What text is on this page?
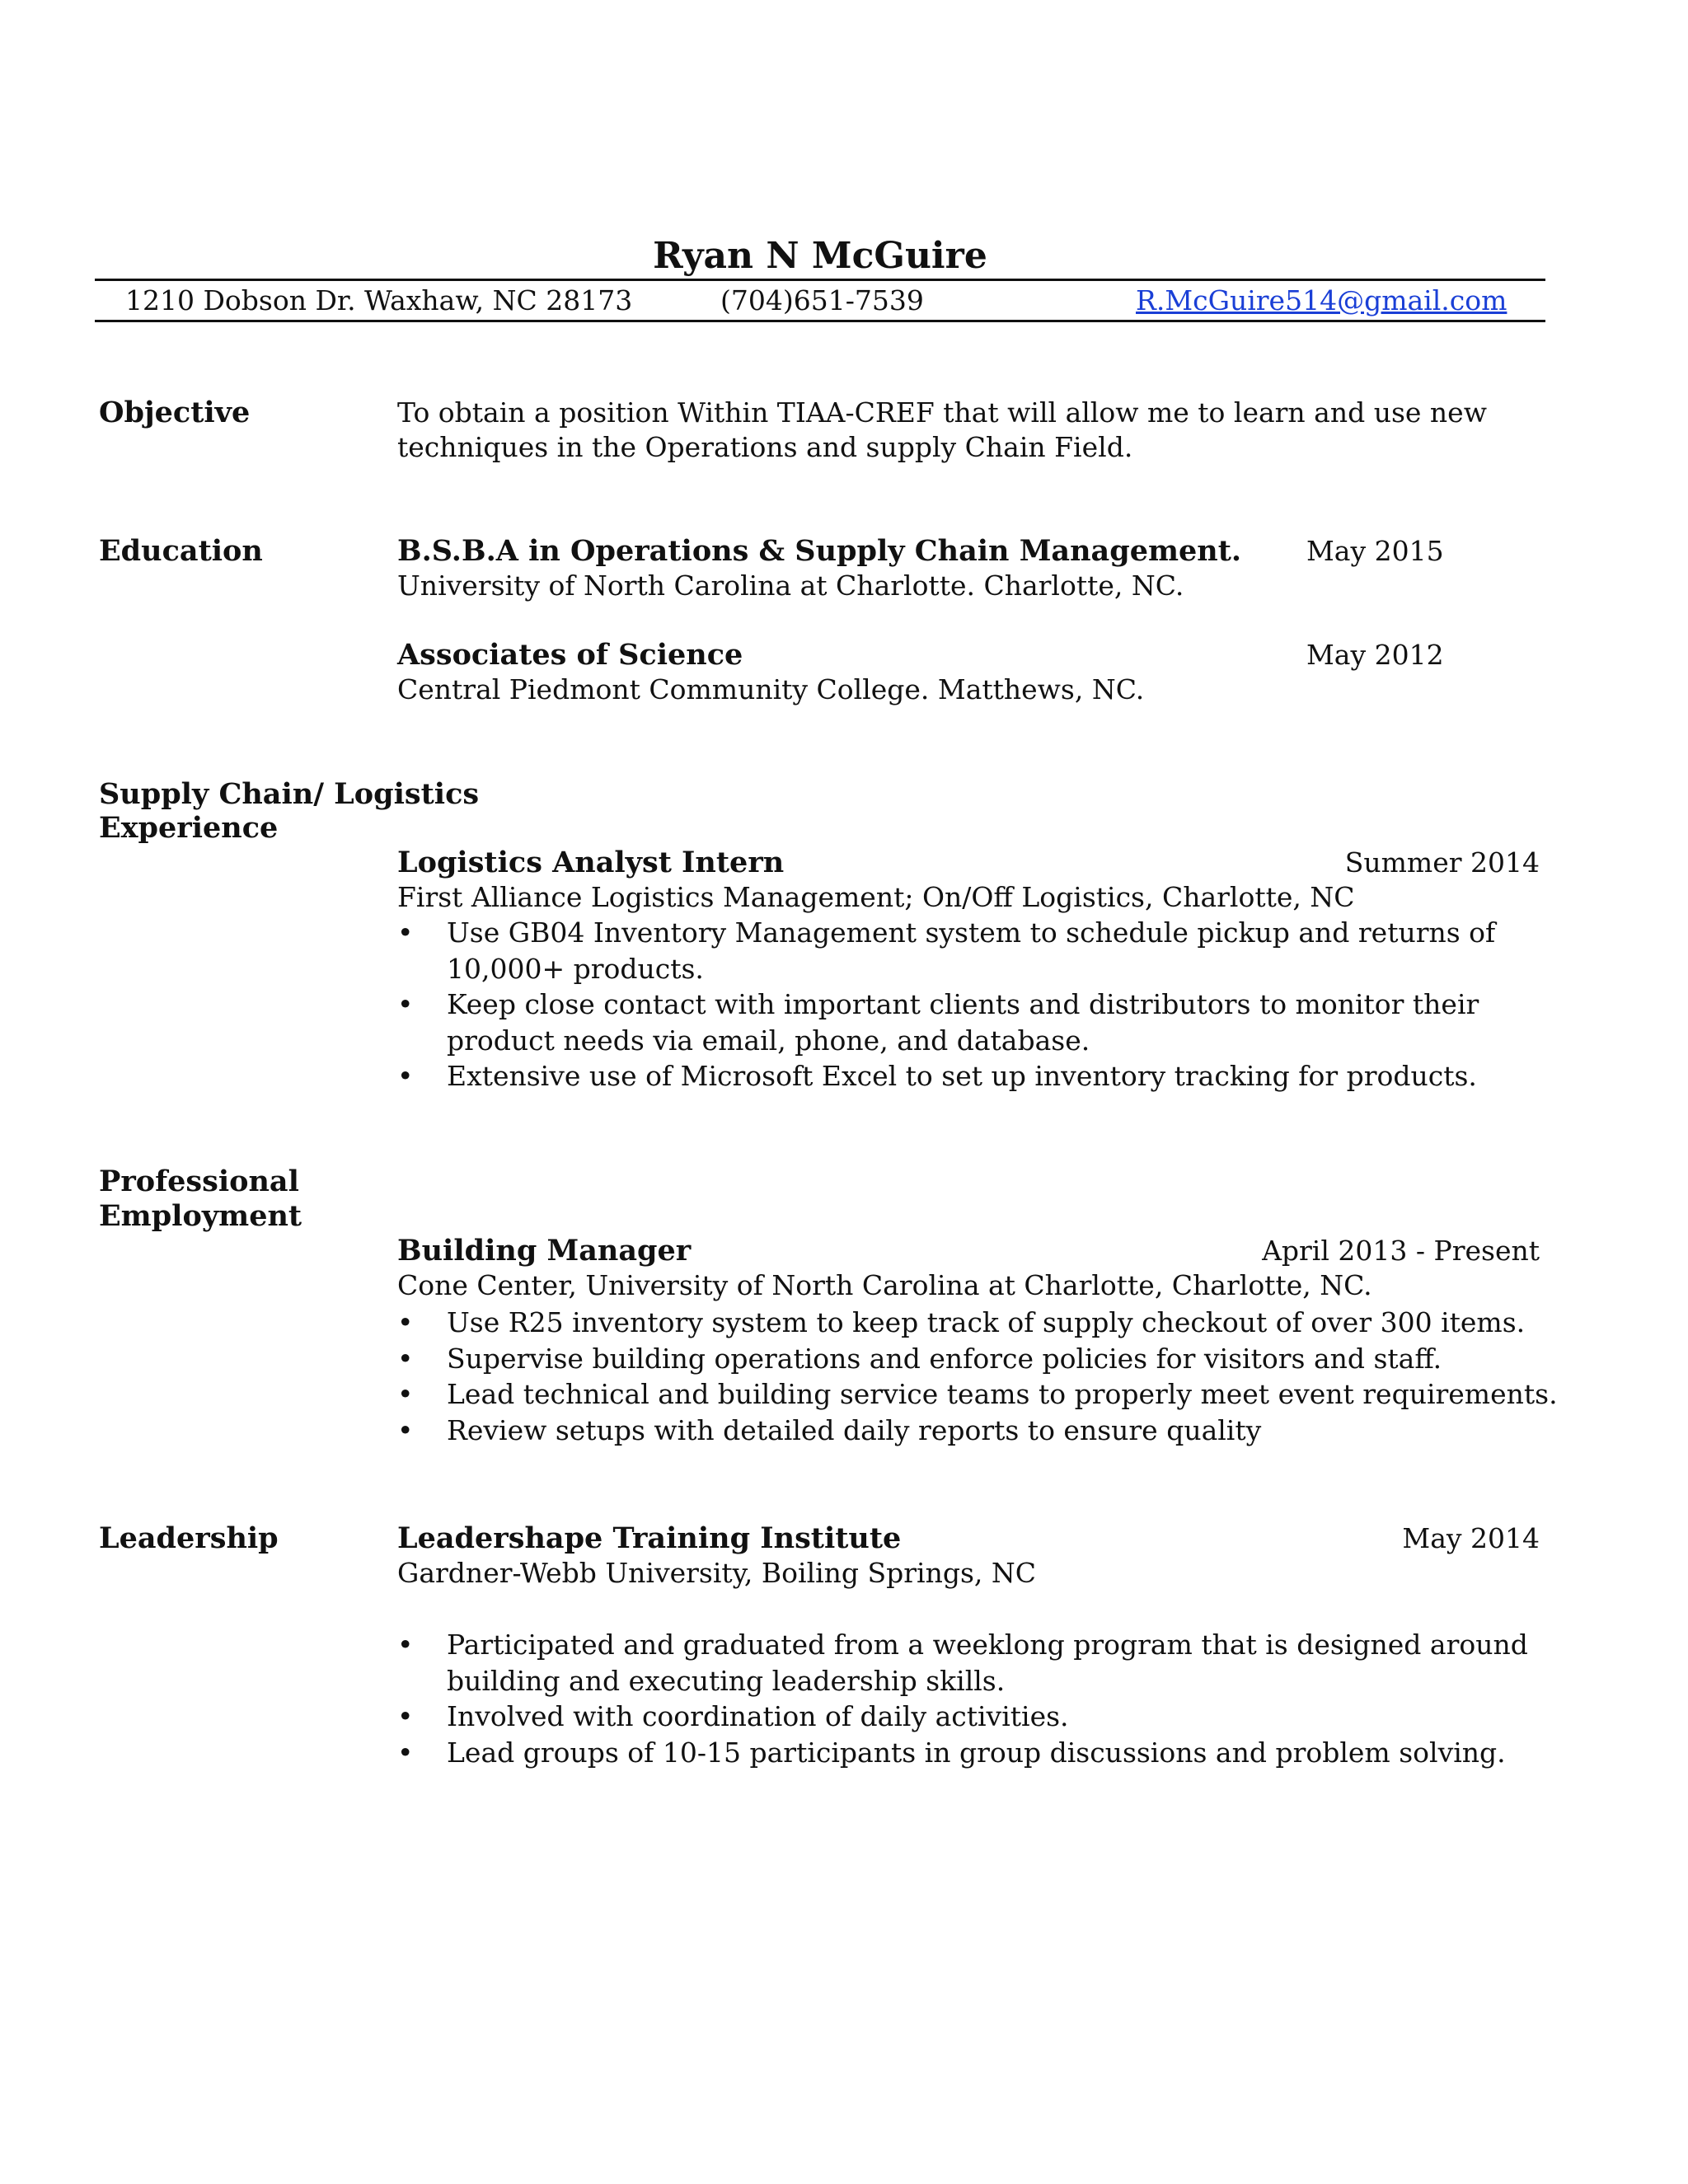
Ryan N McGuire
1210 Dobson Dr. Waxhaw, NC 28173	(704)651-7539	R.McGuire514@gmail.com
Objective	To obtain a position Within TIAA-CREF that will allow me to learn and use new
techniques in the Operations and supply Chain Field.
Education	B.S.B.A in Operations & Supply Chain Management. May 2015
University of North Carolina at Charlotte. Charlotte, NC.
Associates of Science	May 2012
Central Piedmont Community College. Matthews, NC.
Supply Chain/ Logistics
Experience
Logistics Analyst Intern	Summer 2014
First Alliance Logistics Management; On/Off Logistics, Charlotte, NC
•	Use GB04 Inventory Management system to schedule pickup and returns of
10,000+ products.
•	Keep close contact with important clients and distributors to monitor their
product needs via email, phone, and database.
•	Extensive use of Microsoft Excel to set up inventory tracking for products.
Professional
Employment
Building Manager	April 2013 - Present
Cone Center, University of North Carolina at Charlotte, Charlotte, NC.
•	Use R25 inventory system to keep track of supply checkout of over 300 items.
•	Supervise building operations and enforce policies for visitors and staff.
•	Lead technical and building service teams to properly meet event requirements.
•	Review setups with detailed daily reports to ensure quality
Leadership	Leadershape Training Institute	May 2014
Gardner-Webb University, Boiling Springs, NC
•	Participated and graduated from a weeklong program that is designed around
building and executing leadership skills.
•	Involved with coordination of daily activities.
•	Lead groups of 10-15 participants in group discussions and problem solving.
